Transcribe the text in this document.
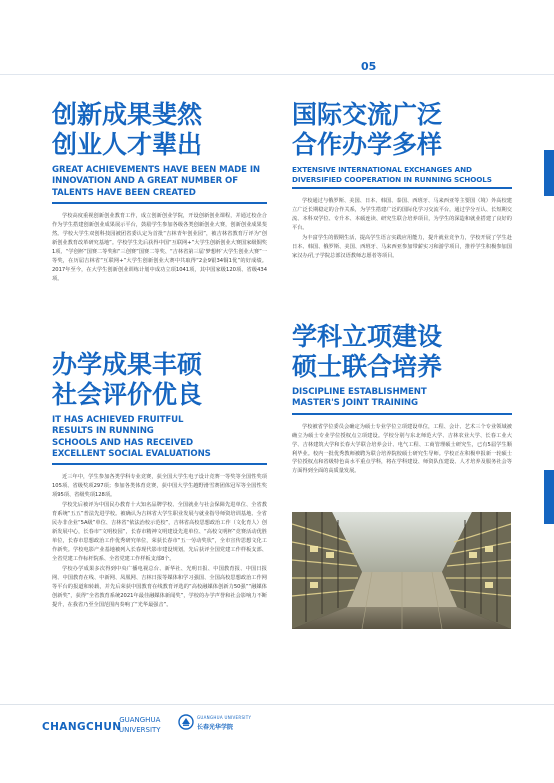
05
创新成果斐然
创业人才辈出
GREAT ACHIEVEMENTS HAVE BEEN MADE IN
INNOVATION AND A GREAT NUMBER OF
TALENTS HAVE BEEN CREATED

学校高度重视创新创业教育工作，成立创新创业学院，开设创新创业课程，并通过校企合作为学生搭建创新创业成果展示平台，鼓励学生参加各级各类创新创业大赛，创新创业成果斐然。学校大学生双创科技园被团省委认定为首批“吉林青年创业园”，被吉林省教育厅评为“创新创业教育改革研究基地”。学校学生先后获得中国“互联网+”大学生创新创业大赛国家级铜奖1项、“学创杯”国赛二等奖和“三创赛”国赛二等奖、“吉林省第三届‘梦想杯’大学生创业大赛”一等奖，在历届吉林省“互联网+”大学生创新创业大赛中共取得“2金9银34铜1优”的好成绩。2017年至今，在大学生创新创业训练计划中成功立项1041项，其中国家级120项、省级434项。

办学成果丰硕
社会评价优良
IT HAS ACHIEVED FRUITFUL
RESULTS IN RUNNING
SCHOOLS AND HAS RECEIVED
EXCELLENT SOCIAL EVALUATIONS

近三年中，学生参加各类学科专业竞赛，获全国大学生电子设计竞赛一等奖等全国性奖项105项、省级奖项297项；参加各类体育竞赛，获中国大学生越野滑雪赛团体冠军等全国性奖项95项、省级奖项128项。

学校先后被评为中国民办教育十大知名品牌学校、全国就业与社会保障先进单位、全省教育系统“五五”普法先进学校。被确认为吉林省大学生职业发展与就业指导师资培训基地、全省民办非企业“5A级”单位、吉林省“依法治校示范校”，吉林省高校思想政治工作（文化育人）创新发展中心，长春市“文明校园”，长春市精神文明建设先进单位、“高校文明杯”竞赛活动优胜单位，长春市思想政治工作优秀研究单位，荣获长春市“五一劳动奖状”，全市宣传思想文化工作新奖。学校电影产业基地被列入长春现代影市建设规划，先后获评全国党建工作样板支部、全省党建工作标杆院系、全省党建工作样板支部8个。

学校办学成果多次得到中央广播电视总台、新华社、光明日报、中国教育报、中国日报网、中国教育在线、中新网、凤凰网、吉林日报等媒体和学习强国、全国高校思想政治工作网等平台的报道和转载，并先后荣获中国教育在线教育评选的“高校融媒体创新力50强”“融媒体创新奖”，获得“全省教育系统2021年最佳融媒体新闻奖”，学校的办学声誉和社会影响力不断提升，在我省乃至全国范围内奏响了“光华最强音”。

国际交流广泛
合作办学多样
EXTENSIVE INTERNATIONAL EXCHANGES AND
DIVERSIFIED COOPERATION IN RUNNING SCHOOLS

学校通过与俄罗斯、美国、日本、韩国、泰国、西班牙、马来西亚等主要国（境）外高校建立广泛长期稳定的合作关系，为学生搭建广泛的国际化学习交流平台，通过学分互认、长短期交流、本科双学位、专升本、本硕连读、研究生联合培养项目，为学生的深造和就业搭建了良好的平台。

为丰富学生的假期生活，提高学生语言实践应用能力，提升就业竞争力，学校开展了学生赴日本、韩国、俄罗斯、美国、西班牙、马来西亚参加带薪实习和游学项目，推荐学生积极参加国家汉办/孔子学院总部汉语教师志愿者等项目。

学科立项建设
硕士联合培养
DISCIPLINE ESTABLISHMENT
MASTER'S JOINT TRAINING

学校被省学位委员会确定为硕士专业学位立项建设单位，工程、会计、艺术三个专业领域被确立为硕士专业学位授权点立项建设。学校分别与东北师范大学、吉林农业大学、长春工业大学、吉林建筑大学和长春大学联合培养会计、电气工程、工商管理硕士研究生，已有5届学生顺利毕业。校内一批优秀教师被聘为联合培养院校硕士研究生导师。学校正在积极申报新一轮硕士学位授权点和省级特色高水平重点学科，将在学科建设、师资队伍建设、人才培养及服务社会等方面得到全面的高质量发展。

CHANGCHUN
GUANGHUA
UNIVERSITY
GUANGHUA UNIVERSITY
长春光华学院
